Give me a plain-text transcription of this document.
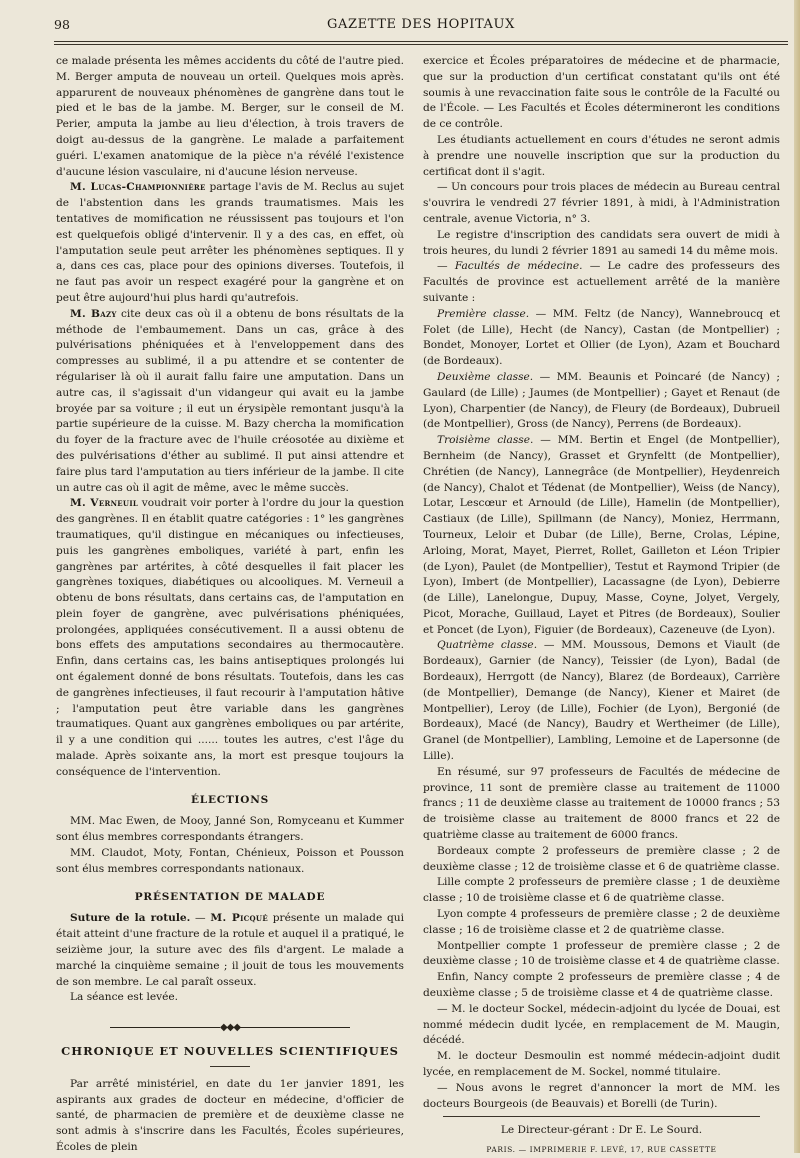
98	GAZETTE DES HOPITAUX

ce malade présenta les mêmes accidents du côté de l'autre pied. M. Berger amputa de nouveau un orteil. Quelques mois après. apparurent de nouveaux phénomènes de gangrène dans tout le pied et le bas de la jambe. M. Berger, sur le conseil de M. Perier, amputa la jambe au lieu d'élection, à trois travers de doigt au-dessus de la gangrène. Le malade a parfaitement guéri. L'examen anatomique de la pièce n'a révélé l'existence d'aucune lésion vasculaire, ni d'aucune lésion nerveuse.

M. Lucas-Championnière partage l'avis de M. Reclus au sujet de l'abstention dans les grands traumatismes. Mais les tentatives de momification ne réussissent pas toujours et l'on est quelquefois obligé d'intervenir. Il y a des cas, en effet, où l'amputation seule peut arrêter les phénomènes septiques. Il y a, dans ces cas, place pour des opinions diverses. Toutefois, il ne faut pas avoir un respect exagéré pour la gangrène et on peut être aujourd'hui plus hardi qu'autrefois.

M. Bazy cite deux cas où il a obtenu de bons résultats de la méthode de l'embaumement. Dans un cas, grâce à des pulvérisations phéniquées et à l'enveloppement dans des compresses au sublimé, il a pu attendre et se contenter de régulariser là où il aurait fallu faire une amputation. Dans un autre cas, il s'agissait d'un vidangeur qui avait eu la jambe broyée par sa voiture ; il eut un érysipèle remontant jusqu'à la partie supérieure de la cuisse. M. Bazy chercha la momification du foyer de la fracture avec de l'huile créosotée au dixième et des pulvérisations d'éther au sublimé. Il put ainsi attendre et faire plus tard l'amputation au tiers inférieur de la jambe. Il cite un autre cas où il agit de même, avec le même succès.

M. Verneuil voudrait voir porter à l'ordre du jour la question des gangrènes. Il en établit quatre catégories : 1° les gangrènes traumatiques, qu'il distingue en mécaniques ou infectieuses, puis les gangrènes emboliques, variété à part, enfin les gangrènes par artérites, à côté desquelles il fait placer les gangrènes toxiques, diabétiques ou alcooliques. M. Verneuil a obtenu de bons résultats, dans certains cas, de l'amputation en plein foyer de gangrène, avec pulvérisations phéniquées, prolongées, appliquées consécutivement. Il a aussi obtenu de bons effets des amputations secondaires au thermocautère. Enfin, dans certains cas, les bains antiseptiques prolongés lui ont également donné de bons résultats. Toutefois, dans les cas de gangrènes infectieuses, il faut recourir à l'amputation hâtive ; l'amputation peut être variable dans les gangrènes traumatiques. Quant aux gangrènes emboliques ou par artérite, il y a une condition qui ...... toutes les autres, c'est l'âge du malade. Après soixante ans, la mort est presque toujours la conséquence de l'intervention.

ÉLECTIONS

MM. Mac Ewen, de Mooy, Janné Son, Romyceanu et Kummer sont élus membres correspondants étrangers.

MM. Claudot, Moty, Fontan, Chénieux, Poisson et Pousson sont élus membres correspondants nationaux.

PRÉSENTATION DE MALADE

Suture de la rotule. — M. Picqué présente un malade qui était atteint d'une fracture de la rotule et auquel il a pratiqué, le seizième jour, la suture avec des fils d'argent. Le malade a marché la cinquième semaine ; il jouit de tous les mouvements de son membre. Le cal paraît osseux.

La séance est levée.

◆◆◆
CHRONIQUE ET NOUVELLES SCIENTIFIQUES

Par arrêté ministériel, en date du 1er janvier 1891, les aspirants aux grades de docteur en médecine, d'officier de santé, de pharmacien de première et de deuxième classe ne sont admis à s'inscrire dans les Facultés, Écoles supérieures, Écoles de plein

exercice et Écoles préparatoires de médecine et de pharmacie, que sur la production d'un certificat constatant qu'ils ont été soumis à une revaccination faite sous le contrôle de la Faculté ou de l'École. — Les Facultés et Écoles détermineront les conditions de ce contrôle.

Les étudiants actuellement en cours d'études ne seront admis à prendre une nouvelle inscription que sur la production du certificat dont il s'agit.

— Un concours pour trois places de médecin au Bureau central s'ouvrira le vendredi 27 février 1891, à midi, à l'Administration centrale, avenue Victoria, n° 3.

Le registre d'inscription des candidats sera ouvert de midi à trois heures, du lundi 2 février 1891 au samedi 14 du même mois.

— Facultés de médecine. — Le cadre des professeurs des Facultés de province est actuellement arrêté de la manière suivante :

Première classe. — MM. Feltz (de Nancy), Wannebroucq et Folet (de Lille), Hecht (de Nancy), Castan (de Montpellier) ; Bondet, Monoyer, Lortet et Ollier (de Lyon), Azam et Bouchard (de Bordeaux).

Deuxième classe. — MM. Beaunis et Poincaré (de Nancy) ; Gaulard (de Lille) ; Jaumes (de Montpellier) ; Gayet et Renaut (de Lyon), Charpentier (de Nancy), de Fleury (de Bordeaux), Dubrueil (de Montpellier), Gross (de Nancy), Perrens (de Bordeaux).

Troisième classe. — MM. Bertin et Engel (de Montpellier), Bernheim (de Nancy), Grasset et Grynfeltt (de Montpellier), Chrétien (de Nancy), Lannegrâce (de Montpellier), Heydenreich (de Nancy), Chalot et Tédenat (de Montpellier), Weiss (de Nancy), Lotar, Lescœur et Arnould (de Lille), Hamelin (de Montpellier), Castiaux (de Lille), Spillmann (de Nancy), Moniez, Herrmann, Tourneux, Leloir et Dubar (de Lille), Berne, Crolas, Lépine, Arloing, Morat, Mayet, Pierret, Rollet, Gailleton et Léon Tripier (de Lyon), Paulet (de Montpellier), Testut et Raymond Tripier (de Lyon), Imbert (de Montpellier), Lacassagne (de Lyon), Debierre (de Lille), Lanelongue, Dupuy, Masse, Coyne, Jolyet, Vergely, Picot, Morache, Guillaud, Layet et Pitres (de Bordeaux), Soulier et Poncet (de Lyon), Figuier (de Bordeaux), Cazeneuve (de Lyon).

Quatrième classe. — MM. Moussous, Demons et Viault (de Bordeaux), Garnier (de Nancy), Teissier (de Lyon), Badal (de Bordeaux), Herrgott (de Nancy), Blarez (de Bordeaux), Carrière (de Montpellier), Demange (de Nancy), Kiener et Mairet (de Montpellier), Leroy (de Lille), Fochier (de Lyon), Bergonié (de Bordeaux), Macé (de Nancy), Baudry et Wertheimer (de Lille), Granel (de Montpellier), Lambling, Lemoine et de Lapersonne (de Lille).

En résumé, sur 97 professeurs de Facultés de médecine de province, 11 sont de première classe au traitement de 11000 francs ; 11 de deuxième classe au traitement de 10000 francs ; 53 de troisième classe au traitement de 8000 francs et 22 de quatrième classe au traitement de 6000 francs.

Bordeaux compte 2 professeurs de première classe ; 2 de deuxième classe ; 12 de troisième classe et 6 de quatrième classe.

Lille compte 2 professeurs de première classe ; 1 de deuxième classe ; 10 de troisième classe et 6 de quatrième classe.

Lyon compte 4 professeurs de première classe ; 2 de deuxième classe ; 16 de troisième classe et 2 de quatrième classe.

Montpellier compte 1 professeur de première classe ; 2 de deuxième classe ; 10 de troisième classe et 4 de quatrième classe.

Enfin, Nancy compte 2 professeurs de première classe ; 4 de deuxième classe ; 5 de troisième classe et 4 de quatrième classe.

— M. le docteur Sockel, médecin-adjoint du lycée de Douai, est nommé médecin dudit lycée, en remplacement de M. Maugin, décédé.

M. le docteur Desmoulin est nommé médecin-adjoint dudit lycée, en remplacement de M. Sockel, nommé titulaire.

— Nous avons le regret d'annoncer la mort de MM. les docteurs Bourgeois (de Beauvais) et Borelli (de Turin).

Le Directeur-gérant : Dr E. Le Sourd.
PARIS. — IMPRIMERIE F. LEVÉ, 17, RUE CASSETTE
